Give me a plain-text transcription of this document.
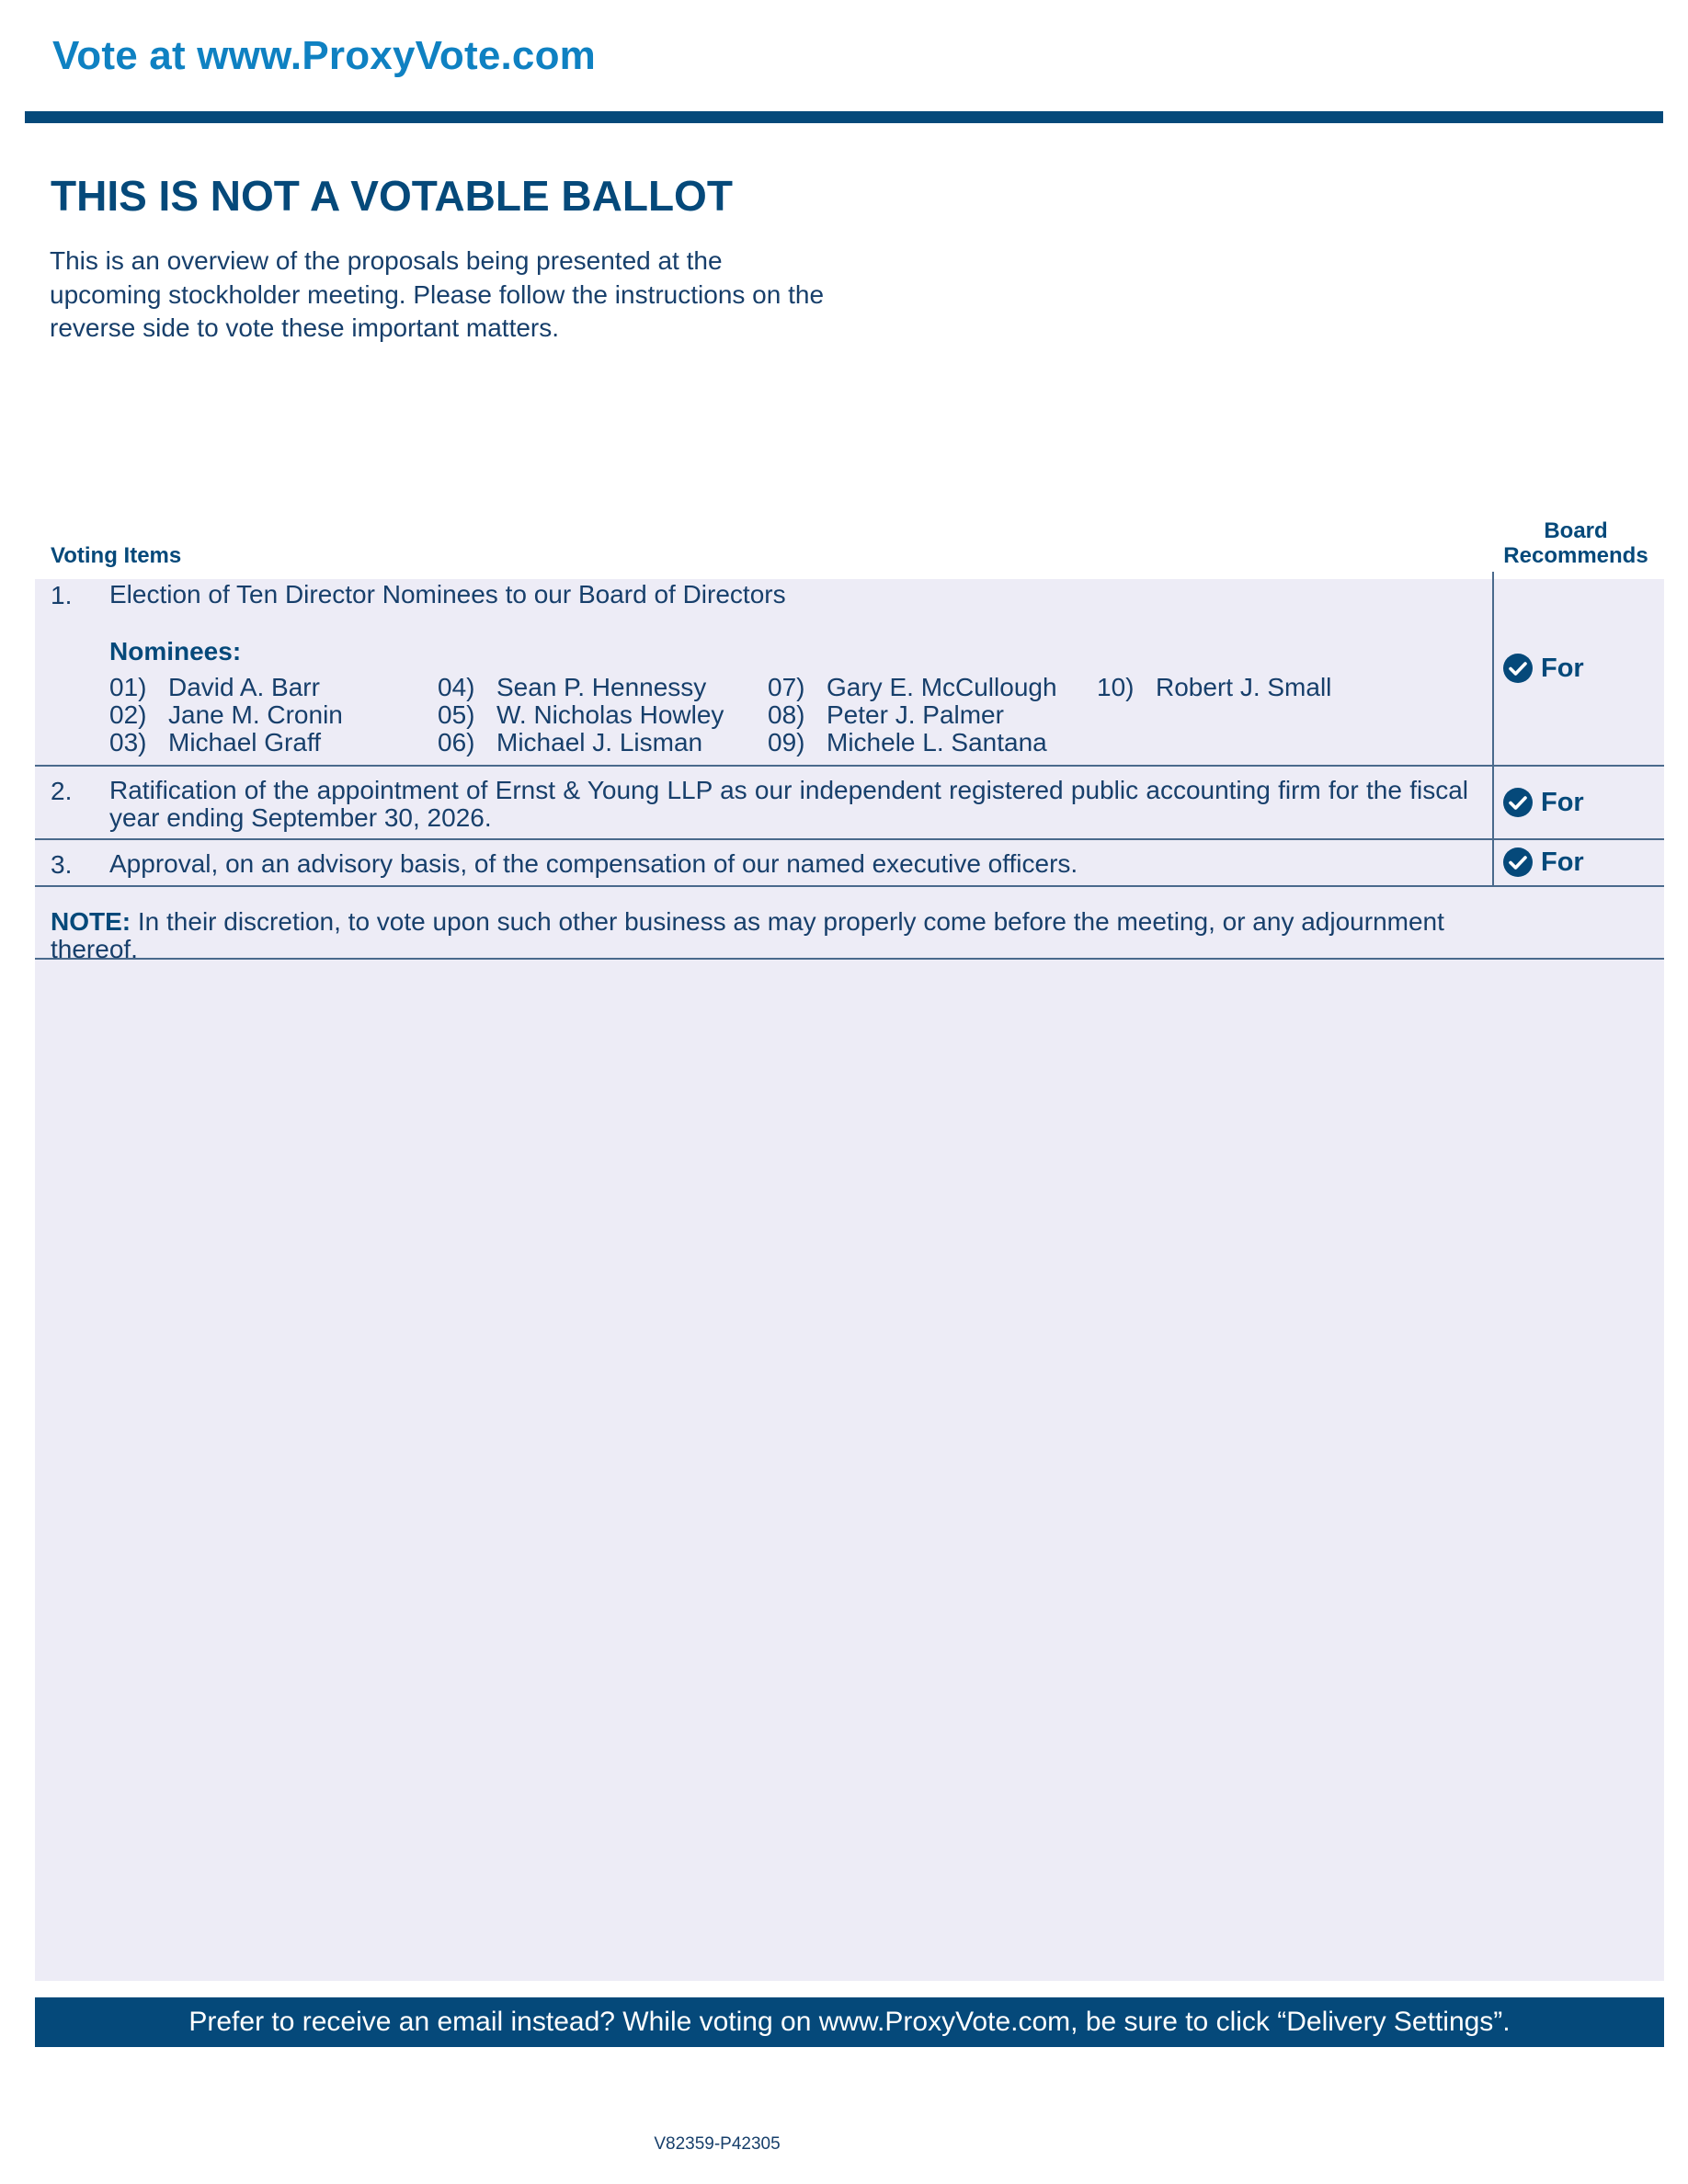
Vote at www.ProxyVote.com
THIS IS NOT A VOTABLE BALLOT
This is an overview of the proposals being presented at the upcoming stockholder meeting. Please follow the instructions on the reverse side to vote these important matters.
Voting Items
Board Recommends
1. Election of Ten Director Nominees to our Board of Directors
Nominees:
01) David A. Barr
02) Jane M. Cronin
03) Michael Graff
04) Sean P. Hennessy
05) W. Nicholas Howley
06) Michael J. Lisman
07) Gary E. McCullough
08) Peter J. Palmer
09) Michele L. Santana
10) Robert J. Small
For
2. Ratification of the appointment of Ernst & Young LLP as our independent registered public accounting firm for the fiscal year ending September 30, 2026.
For
3. Approval, on an advisory basis, of the compensation of our named executive officers.	For
NOTE: In their discretion, to vote upon such other business as may properly come before the meeting, or any adjournment thereof.
Prefer to receive an email instead? While voting on www.ProxyVote.com, be sure to click “Delivery Settings”.
V82359-P42305
